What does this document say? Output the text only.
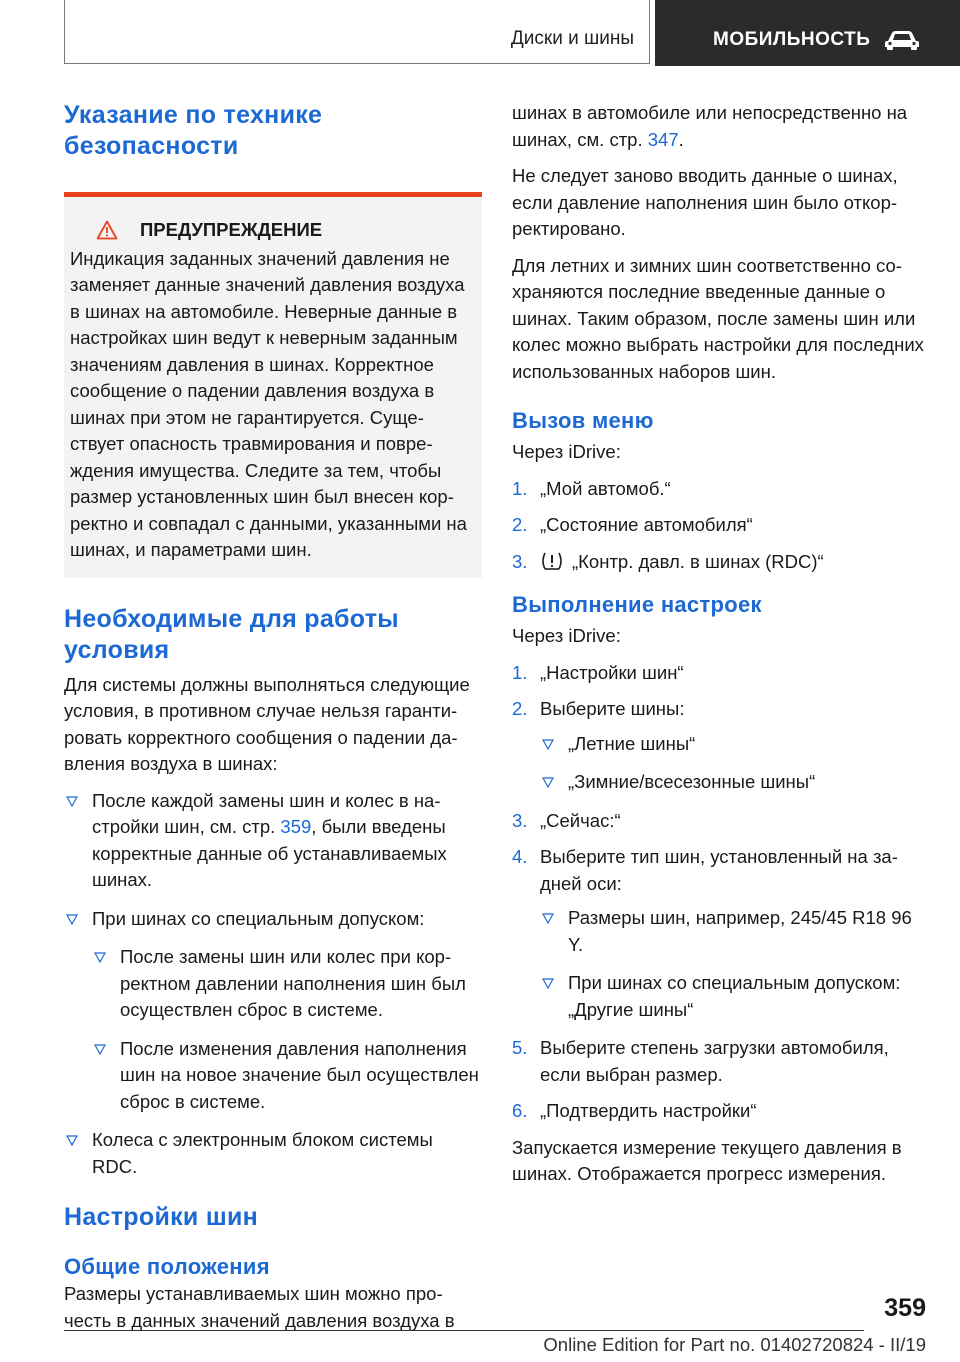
Диски и шины	МОБИЛЬНОСТЬ
Указание по технике безопасности
ПРЕДУПРЕЖДЕНИЕ
Индикация заданных значений давления не заменяет данные значений давления воздуха в шинах на автомобиле. Неверные данные в настройках шин ведут к неверным заданным значениям давления в шинах. Корректное сообщение о падении давления воздуха в шинах при этом не гарантируется. Существует опасность травмирования и повреждения имущества. Следите за тем, чтобы размер установленных шин был внесен корректно и совпадал с данными, указанными на шинах, и параметрами шин.
Необходимые для работы условия

Для системы должны выполняться следующие условия, в противном случае нельзя гарантировать корректного сообщения о падении давления воздуха в шинах:

После каждой замены шин и колес в настройки шин, см. стр. 359, были введены корректные данные об устанавливаемых шинах.
При шинах со специальным допуском:
После замены шин или колес при корректном давлении наполнения шин был осуществлен сброс в системе.
После изменения давления наполнения шин на новое значение был осуществлен сброс в системе.
Колеса с электронным блоком системы RDC.
Настройки шин
Общие положения

Размеры устанавливаемых шин можно прочесть в данных значений давления воздуха в

шинах в автомобиле или непосредственно на шинах, см. стр. 347.

Не следует заново вводить данные о шинах, если давление наполнения шин было откорректировано.

Для летних и зимних шин соответственно сохраняются последние введенные данные о шинах. Таким образом, после замены шин или колес можно выбрать настройки для последних использованных наборов шин.

Вызов меню

Через iDrive:

1. „Мой автомоб.“
2. „Состояние автомобиля“
3. „Контр. давл. в шинах (RDC)“
Выполнение настроек

Через iDrive:

1. „Настройки шин“
2. Выберите шины:
„Летние шины“
„Зимние/всесезонные шины“
3. „Сейчас:“
4. Выберите тип шин, установленный на задней оси:
Размеры шин, например, 245/45 R18 96 Y.
При шинах со специальным допуском: „Другие шины“
5. Выберите степень загрузки автомобиля, если выбран размер.
6. „Подтвердить настройки“

Запускается измерение текущего давления в шинах. Отображается прогресс измерения.

359
Online Edition for Part no. 01402720824 - II/19
